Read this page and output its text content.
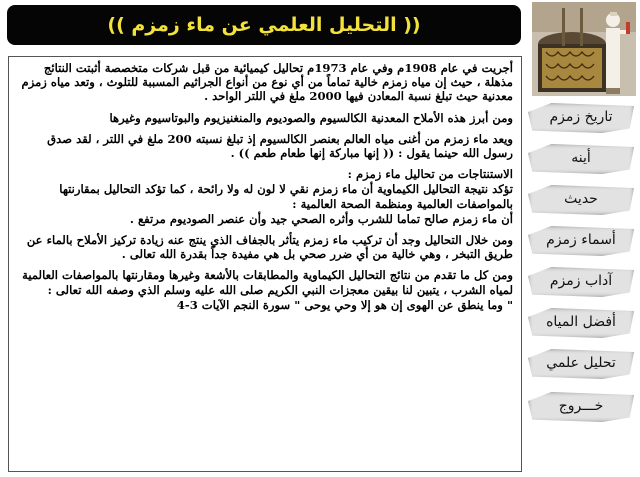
(( التحليل العلمي عن ماء زمزم ))

أجريت في عام 1908م وفي عام 1973م تحاليل كيميائية من قبل شركات متخصصة أثبتت النتائج مذهلة ، حيث إن مياه زمزم خالية تماماً من أي نوع من أنواع الجراثيم المسببة للتلوث ، وتعد مياه زمزم معدنية حيث تبلغ نسبة المعادن فيها 2000 ملغ في اللتر الواحد .

ومن أبرز هذه الأملاح المعدنية الكالسيوم والصوديوم والمنغنيزيوم والبوتاسيوم وغيرها

ويعد ماء زمزم من أغنى مياه العالم بعنصر الكالسيوم إذ تبلغ نسبته 200 ملغ في اللتر ، لقد صدق رسول الله حينما يقول : (( إنها مباركة إنها طعام طعم )) .

الاستنتاجات من تحاليل ماء زمزم :

تؤكد نتيجة التحاليل الكيماوية أن ماء زمزم نقي لا لون له ولا رائحة ، كما تؤكد التحاليل بمقارنتها بالمواصفات العالمية ومنظمة الصحة العالمية :

أن ماء زمزم صالح تماما للشرب وأثره الصحي جيد وأن عنصر الصوديوم مرتفع .

ومن خلال التحاليل وجد أن تركيب ماء زمزم يتأثر بالجفاف الذي ينتج عنه زيادة تركيز الأملاح بالماء عن طريق التبخر ، وهي خالية من أي ضرر صحي بل هي مفيدة جداً بقدرة الله تعالى .

ومن كل ما تقدم من نتائج التحاليل الكيماوية والمطابقات بالأشعة وغيرها ومقارنتها بالمواصفات العالمية لمياه الشرب ، يتبين لنا بيقين معجزات النبي الكريم صلى الله عليه وسلم الذي وصفه الله تعالى :

" وما ينطق عن الهوى إن هو إلا وحي يوحى " سورة النجم الآيات 3-4

تاريخ زمزم
أينه
حديث
أسماء زمزم
آداب زمزم
أفضل المياه
تحليل علمي
خـــروج
